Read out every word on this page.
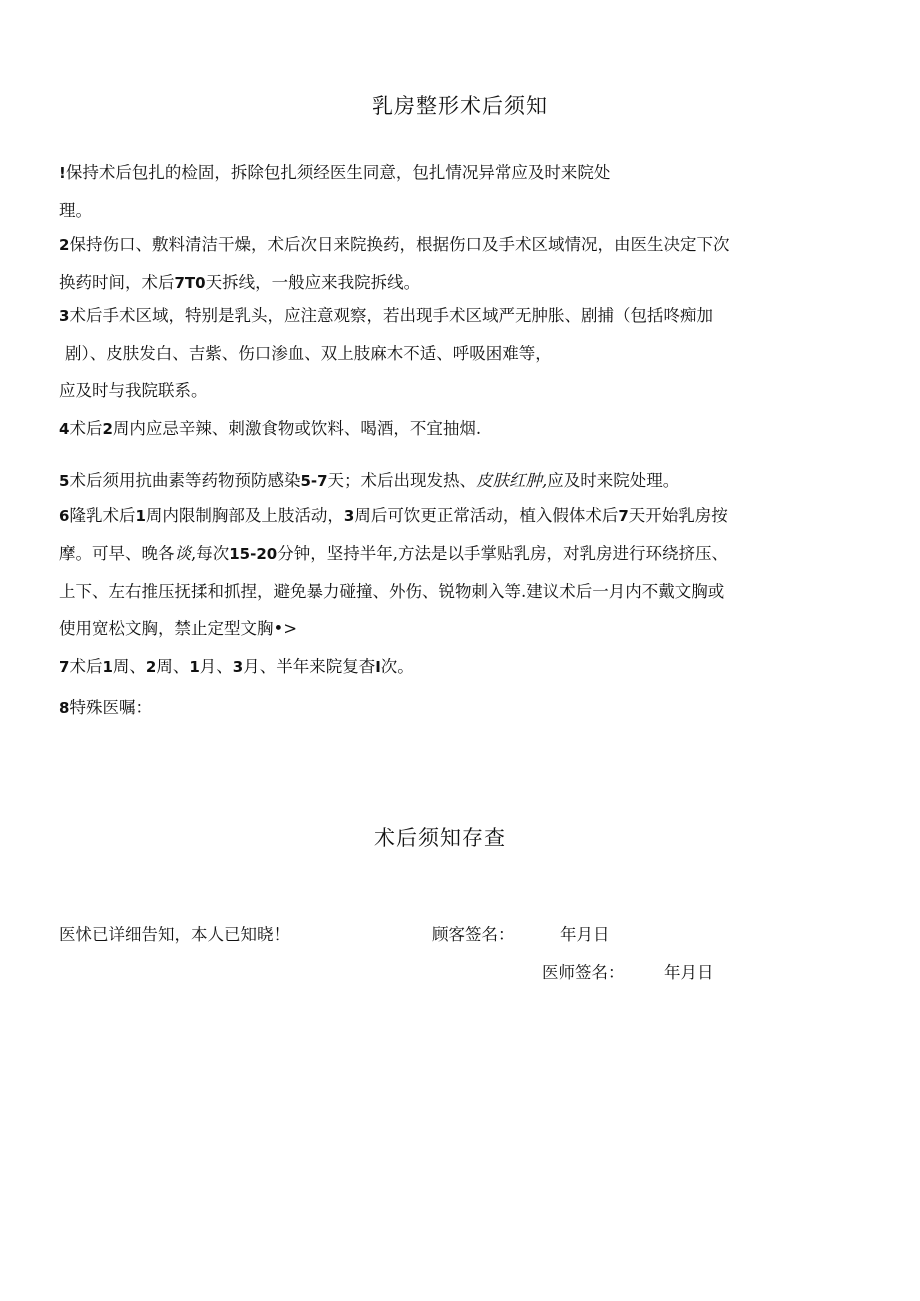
乳房整形术后须知
!保持术后包扎的检固，拆除包扎须经医生同意，包扎情况异常应及时来院处
理。
2保持伤口、敷料清洁干燥，术后次日来院换药，根据伤口及手术区域情况，由医生决定下次
换药时间，术后7T0天拆线，一般应来我院拆线。
3术后手术区域，特别是乳头，应注意观察，若出现手术区域严无肿胀、剧捕（包括咚痴加
剧）、皮肤发白、吉紫、伤口渗血、双上肢麻木不适、呼吸困难等，
应及时与我院联系。
4术后2周内应忌辛辣、刺激食物或饮料、喝酒，不宜抽烟.
5术后须用抗曲素等药物预防感染5-7天；术后出现发热、皮肤红肿,应及时来院处理。
6隆乳术后1周内限制胸部及上肢活动，3周后可饮更正常活动，植入假体术后7天开始乳房按
摩。可早、晚各谈,每次15-20分钟，坚持半年,方法是以手掌贴乳房，对乳房进行环绕挤压、
上下、左右推压抚揉和抓捏，避免暴力碰撞、外伤、锐物刺入等.建议术后一月内不戴文胸或
使用宽松文胸，禁止定型文胸•>
7术后1周、2周、1月、3月、半年来院复杳I次。
8特殊医嘱：
术后须知存查
医怵已详细告知，本人已知晓！	顾客签名：	年月日
医师签名： 年月日
